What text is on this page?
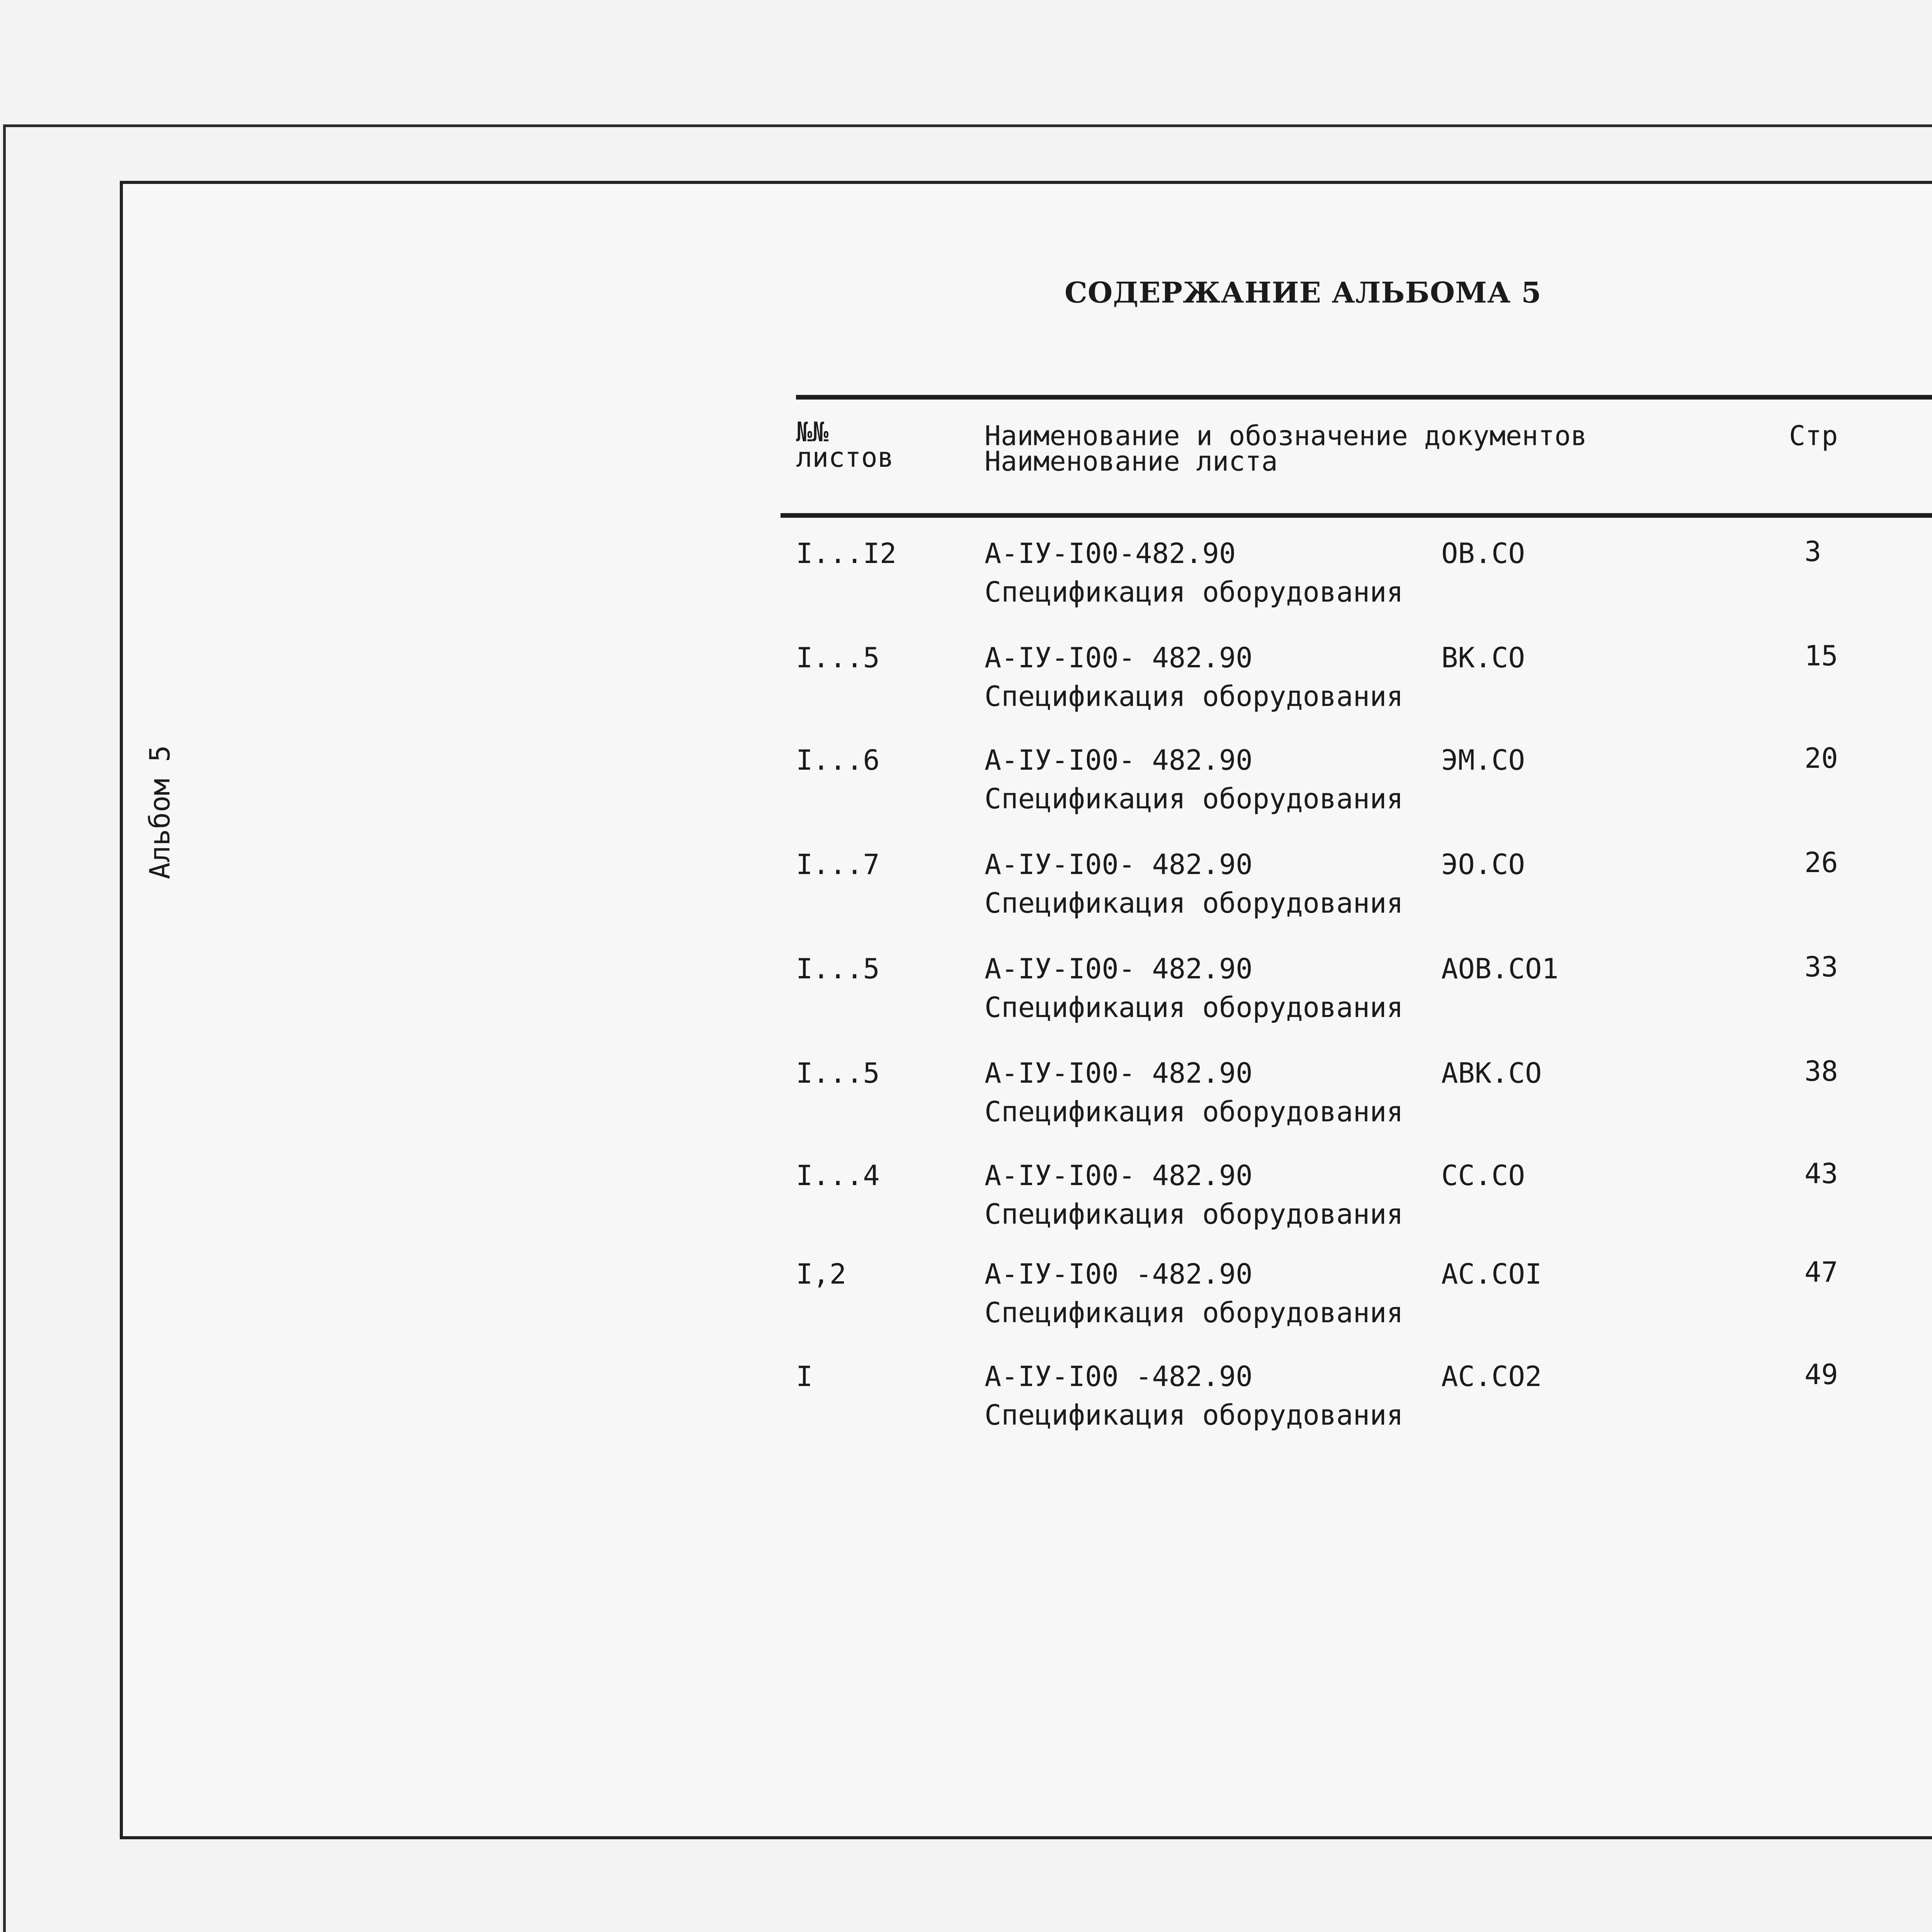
Альбом 5
СОДЕРЖАНИЕ АЛЬБОМА 5
№№
листов
Наименование и обозначение документов
Наименование листа
Стр
I...I2	А-IУ-I00-482.90	ОВ.СО	3
Спецификация оборудования
I...5	А-IУ-I00- 482.90	ВК.СО	15
Спецификация оборудования
I...6	А-IУ-I00- 482.90	ЭМ.СО	20
Спецификация оборудования
I...7	А-IУ-I00- 482.90	ЭО.СО	26
Спецификация оборудования
I...5	А-IУ-I00- 482.90	АОВ.СО1	33
Спецификация оборудования
I...5	А-IУ-I00- 482.90	АВК.СО	38
Спецификация оборудования
I...4	А-IУ-I00- 482.90	СС.СО	43
Спецификация оборудования
I,2	А-IУ-I00 -482.90	АС.СОI	47
Спецификация оборудования
I	А-IУ-I00 -482.90	АС.СО2	49
Спецификация оборудования
